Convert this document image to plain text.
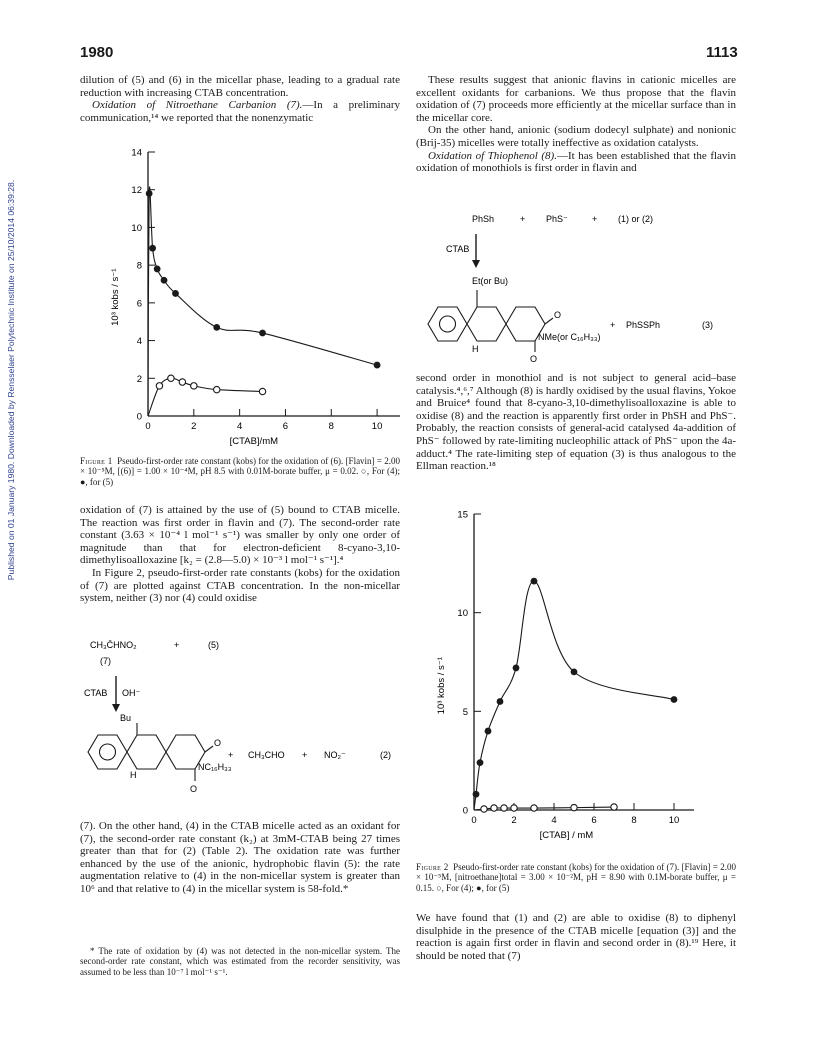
1980	1113
Published on 01 January 1980. Downloaded by Rensselaer Polytechnic Institute on 25/10/2014 06:39:28.

dilution of (5) and (6) in the micellar phase, leading to a gradual rate reduction with increasing CTAB concentration.

Oxidation of Nitroethane Carbanion (7).—In a preliminary communication,¹⁴ we reported that the nonenzymatic

0
2
4
6
8
10
12
14
0	2	4	6	8	10
[CTAB]/mM
10³ kobs / s⁻¹
Figure 1 Pseudo-first-order rate constant (kobs) for the oxidation of (6). [Flavin] = 2.00 × 10⁻⁵M, [(6)] = 1.00 × 10⁻⁴M, pH 8.5 with 0.01M-borate buffer, μ = 0.02. ○, For (4); ●, for (5)

oxidation of (7) is attained by the use of (5) bound to CTAB micelle. The reaction was first order in flavin and (7). The second-order rate constant (3.63 × 10⁻⁴ l mol⁻¹ s⁻¹) was smaller by only one order of magnitude than that for electron-deficient 8-cyano-3,10-dimethylisoalloxazine [k₂ = (2.8—5.0) × 10⁻³ l mol⁻¹ s⁻¹].⁴

In Figure 2, pseudo-first-order rate constants (kobs) for the oxidation of (7) are plotted against CTAB concentration. In the non-micellar system, neither (3) nor (4) could oxidise

CH₃C̄HNO₂	+	(5)
(7)
CTAB OH⁻
Bu
O
NC₁₆H₃₃
O
H
+ CH₃CHO + NO₂⁻	(2)

(7). On the other hand, (4) in the CTAB micelle acted as an oxidant for (7), the second-order rate constant (k₂) at 3mM-CTAB being 27 times greater than that for (2) (Table 2). The oxidation rate was further enhanced by the use of the anionic, hydrophobic flavin (5): the rate augmentation relative to (4) in the non-micellar system is greater than 10⁶ and that relative to (4) in the micellar system is 58-fold.*

* The rate of oxidation by (4) was not detected in the non-micellar system. The second-order rate constant, which was estimated from the recorder sensitivity, was assumed to be less than 10⁻⁷ l mol⁻¹ s⁻¹.

These results suggest that anionic flavins in cationic micelles are excellent oxidants for carbanions. We thus propose that the flavin oxidation of (7) proceeds more efficiently at the micellar surface than in the micellar core.

On the other hand, anionic (sodium dodecyl sulphate) and nonionic (Brij-35) micelles were totally ineffective as oxidation catalysts.

Oxidation of Thiophenol (8).—It has been established that the flavin oxidation of monothiols is first order in flavin and

PhSh	+ PhS⁻	+ (1) or (2)
CTAB
Et(or Bu)
O
NMe(or C₁₆H₃₃)
O
H
+ PhSSPh	(3)

second order in monothiol and is not subject to general acid–base catalysis.⁴,⁶,⁷ Although (8) is hardly oxidised by the usual flavins, Yokoe and Bruice⁴ found that 8-cyano-3,10-dimethylisoalloxazine is able to oxidise (8) and the reaction is apparently first order in PhSH and PhS⁻. Probably, the reaction consists of general-acid catalysed 4a-addition of PhS⁻ followed by rate-limiting nucleophilic attack of PhS⁻ upon the 4a-adduct.⁴ The rate-limiting step of equation (3) is thus analogous to the Ellman reaction.¹⁸

0
5
10
15
0	2	4	6	8	10
[CTAB] / mM
10³ kobs / s⁻¹
Figure 2 Pseudo-first-order rate constant (kobs) for the oxidation of (7). [Flavin] = 2.00 × 10⁻⁵M, [nitroethane]total = 3.00 × 10⁻²M, pH = 8.90 with 0.1M-borate buffer, μ = 0.15. ○, For (4); ●, for (5)

We have found that (1) and (2) are able to oxidise (8) to diphenyl disulphide in the presence of the CTAB micelle [equation (3)] and the reaction is again first order in flavin and second order in (8).¹⁹ Here, it should be noted that (7)
